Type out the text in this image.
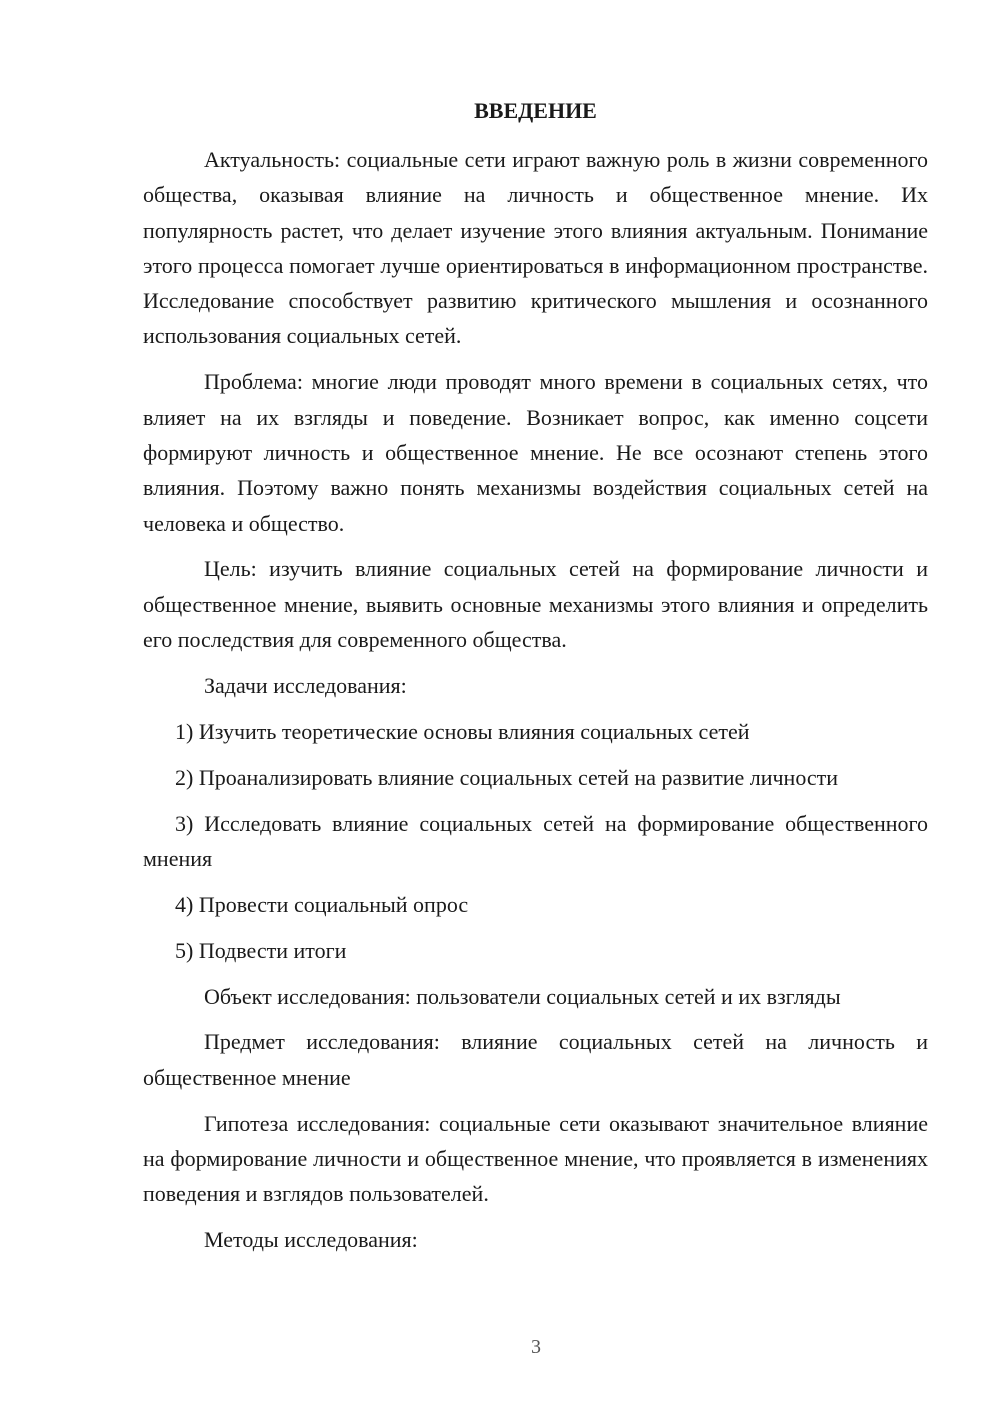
ВВЕДЕНИЕ

Актуальность: социальные сети играют важную роль в жизни современного общества, оказывая влияние на личность и общественное мнение. Их популярность растет, что делает изучение этого влияния актуальным. Понимание этого процесса помогает лучше ориентироваться в информационном пространстве. Исследование способствует развитию критического мышления и осознанного использования социальных сетей.

Проблема: многие люди проводят много времени в социальных сетях, что влияет на их взгляды и поведение. Возникает вопрос, как именно соцсети формируют личность и общественное мнение. Не все осознают степень этого влияния. Поэтому важно понять механизмы воздействия социальных сетей на человека и общество.

Цель: изучить влияние социальных сетей на формирование личности и общественное мнение, выявить основные механизмы этого влияния и определить его последствия для современного общества.

Задачи исследования:

1) Изучить теоретические основы влияния социальных сетей

2) Проанализировать влияние социальных сетей на развитие личности

3) Исследовать влияние социальных сетей на формирование общественного мнения

4) Провести социальный опрос

5) Подвести итоги

Объект исследования: пользователи социальных сетей и их взгляды

Предмет исследования: влияние социальных сетей на личность и общественное мнение

Гипотеза исследования: социальные сети оказывают значительное влияние на формирование личности и общественное мнение, что проявляется в изменениях поведения и взглядов пользователей.

Методы исследования:

3
